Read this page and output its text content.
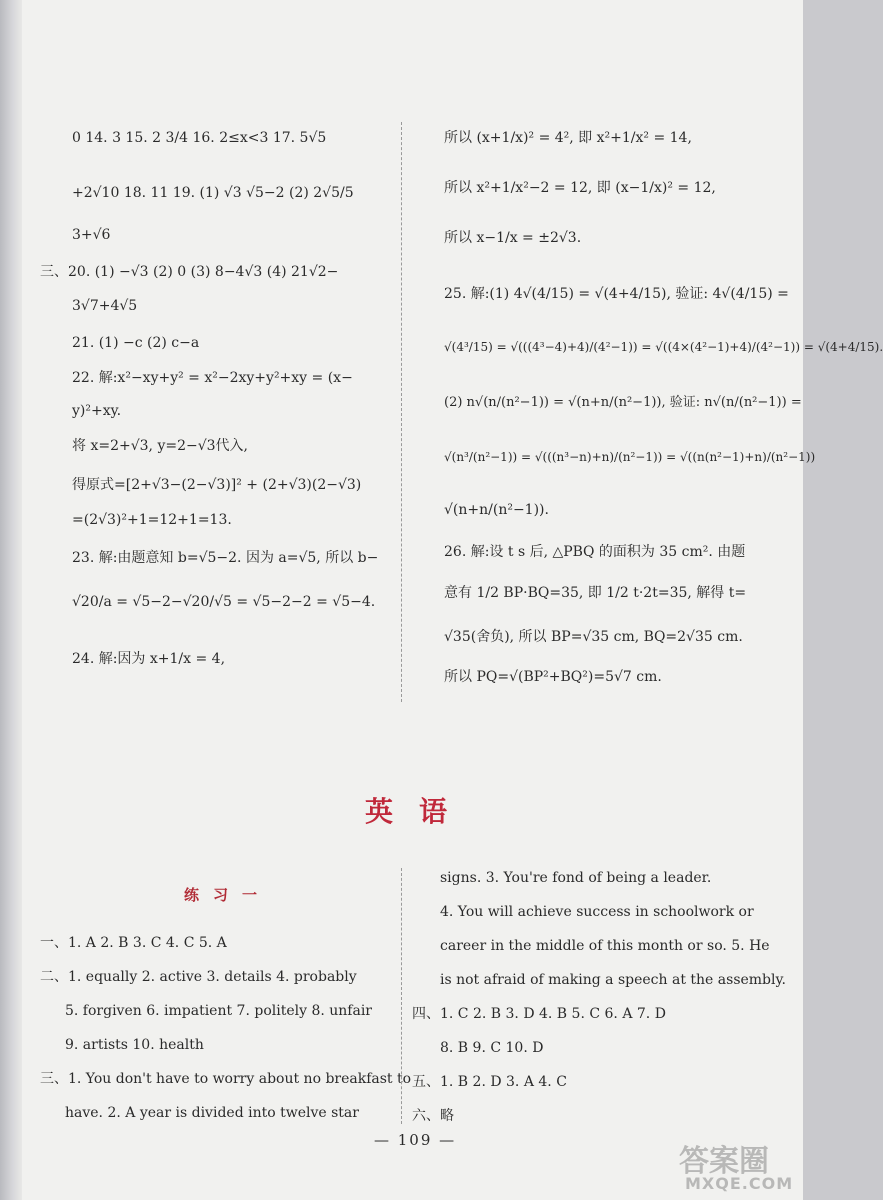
0 14. 3 15. 2 3/4 16. 2≤x<3 17. 5√5
+2√10 18. 11 19. (1) √3 √5−2 (2) 2√5/5
3+√6
三、20. (1) −√3 (2) 0 (3) 8−4√3 (4) 21√2−
3√7+4√5
21. (1) −c (2) c−a
22. 解:x²−xy+y² = x²−2xy+y²+xy = (x−
y)²+xy.
将 x=2+√3, y=2−√3代入,
得原式=[2+√3−(2−√3)]² + (2+√3)(2−√3)
=(2√3)²+1=12+1=13.
23. 解:由题意知 b=√5−2. 因为 a=√5, 所以 b−
√20/a = √5−2−√20/√5 = √5−2−2 = √5−4.
24. 解:因为 x+1/x = 4,
所以 (x+1/x)² = 4², 即 x²+1/x² = 14,
所以 x²+1/x²−2 = 12, 即 (x−1/x)² = 12,
所以 x−1/x = ±2√3.
25. 解:(1) 4√(4/15) = √(4+4/15), 验证: 4√(4/15) =
√(4³/15) = √(((4³−4)+4)/(4²−1)) = √((4×(4²−1)+4)/(4²−1)) = √(4+4/15).
(2) n√(n/(n²−1)) = √(n+n/(n²−1)), 验证: n√(n/(n²−1)) =
√(n³/(n²−1)) = √(((n³−n)+n)/(n²−1)) = √((n(n²−1)+n)/(n²−1))
√(n+n/(n²−1)).
26. 解:设 t s 后, △PBQ 的面积为 35 cm². 由题
意有 1/2 BP·BQ=35, 即 1/2 t·2t=35, 解得 t=
√35(舍负), 所以 BP=√35 cm, BQ=2√35 cm.
所以 PQ=√(BP²+BQ²)=5√7 cm.
英语
练习一
一、1. A 2. B 3. C 4. C 5. A
二、1. equally 2. active 3. details 4. probably
5. forgiven 6. impatient 7. politely 8. unfair
9. artists 10. health
三、1. You don't have to worry about no breakfast to
have. 2. A year is divided into twelve star
signs. 3. You're fond of being a leader.
4. You will achieve success in schoolwork or
career in the middle of this month or so. 5. He
is not afraid of making a speech at the assembly.
四、1. C 2. B 3. D 4. B 5. C 6. A 7. D
8. B 9. C 10. D
五、1. B 2. D 3. A 4. C
六、略
— 109 —
答案圈
MXQE.COM
